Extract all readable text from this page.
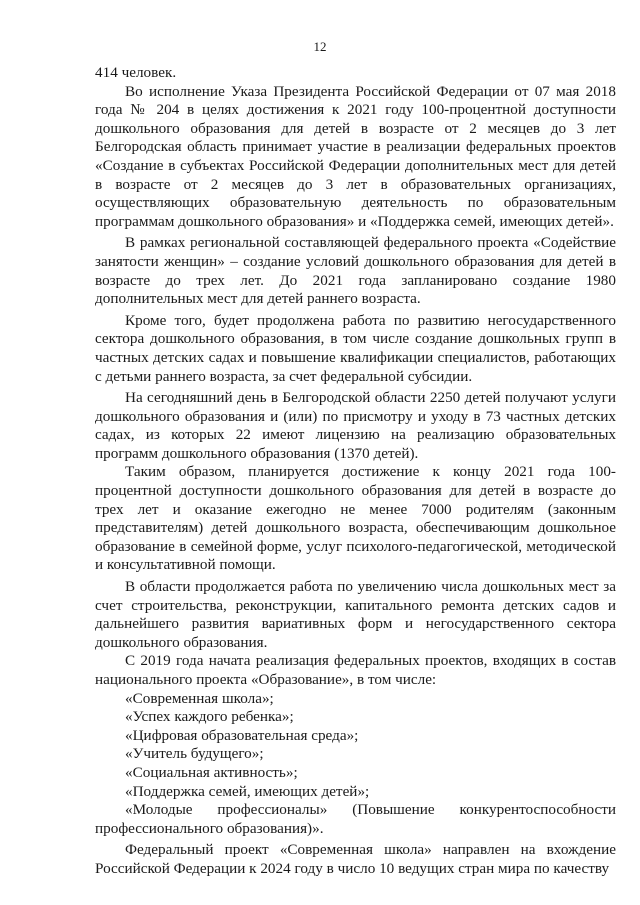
12

414 человек.

Во исполнение Указа Президента Российской Федерации от 07 мая 2018 года № 204 в целях достижения к 2021 году 100-процентной доступности дошкольного образования для детей в возрасте от 2 месяцев до 3 лет Белгородская область принимает участие в реализации федеральных проектов «Создание в субъектах Российской Федерации дополнительных мест для детей в возрасте от 2 месяцев до 3 лет в образовательных организациях, осуществляющих образовательную деятельность по образовательным программам дошкольного образования» и «Поддержка семей, имеющих детей».

В рамках региональной составляющей федерального проекта «Содействие занятости женщин» – создание условий дошкольного образования для детей в возрасте до трех лет. До 2021 года запланировано создание 1980 дополнительных мест для детей раннего возраста.

Кроме того, будет продолжена работа по развитию негосударственного сектора дошкольного образования, в том числе создание дошкольных групп в частных детских садах и повышение квалификации специалистов, работающих с детьми раннего возраста, за счет федеральной субсидии.

На сегодняшний день в Белгородской области 2250 детей получают услуги дошкольного образования и (или) по присмотру и уходу в 73 частных детских садах, из которых 22 имеют лицензию на реализацию образовательных программ дошкольного образования (1370 детей).

Таким образом, планируется достижение к концу 2021 года 100-процентной доступности дошкольного образования для детей в возрасте до трех лет и оказание ежегодно не менее 7000 родителям (законным представителям) детей дошкольного возраста, обеспечивающим дошкольное образование в семейной форме, услуг психолого-педагогической, методической и консультативной помощи.

В области продолжается работа по увеличению числа дошкольных мест за счет строительства, реконструкции, капитального ремонта детских садов и дальнейшего развития вариативных форм и негосударственного сектора дошкольного образования.

С 2019 года начата реализация федеральных проектов, входящих в состав национального проекта «Образование», в том числе:

«Современная школа»;

«Успех каждого ребенка»;

«Цифровая образовательная среда»;

«Учитель будущего»;

«Социальная активность»;

«Поддержка семей, имеющих детей»;

«Молодые профессионалы» (Повышение конкурентоспособности профессионального образования)».

Федеральный проект «Современная школа» направлен на вхождение Российской Федерации к 2024 году в число 10 ведущих стран мира по качеству
